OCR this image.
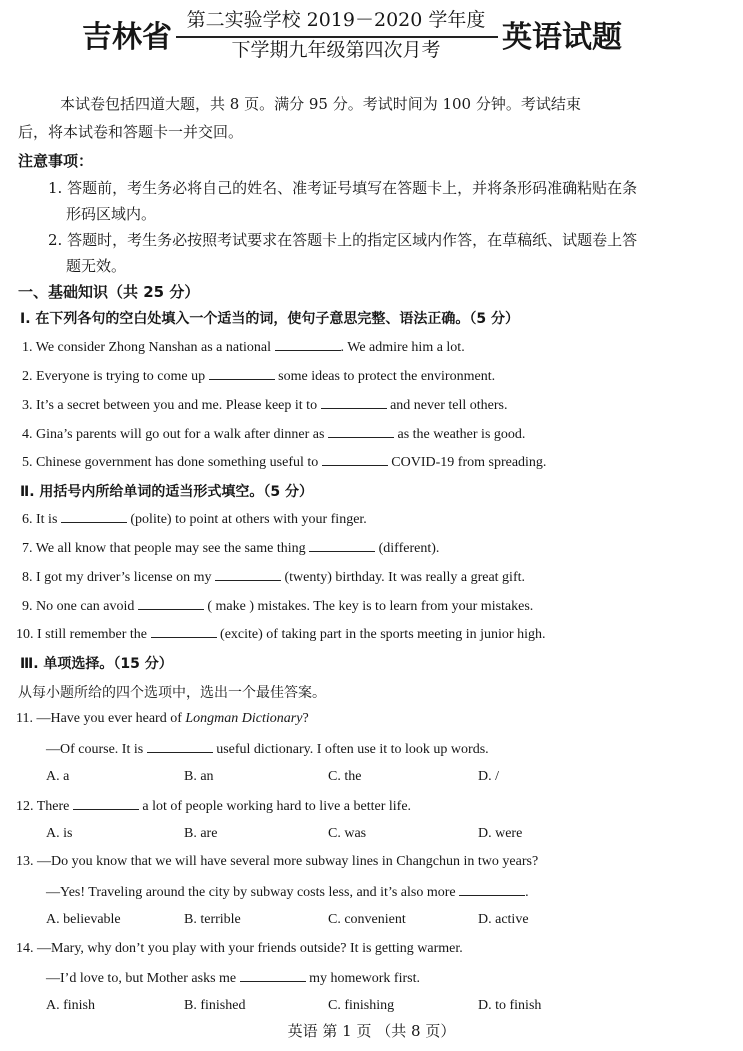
吉林省 第二实验学校 2019－2020 学年度
下学期九年级第四次月考	英语试题
本试卷包括四道大题，共 8 页。满分 95 分。考试时间为 100 分钟。考试结束
后，将本试卷和答题卡一并交回。
注意事项：
1. 答题前，考生务必将自己的姓名、准考证号填写在答题卡上，并将条形码准确粘贴在条
形码区域内。
2. 答题时，考生务必按照考试要求在答题卡上的指定区域内作答，在草稿纸、试题卷上答
题无效。
一、基础知识（共 25 分）
Ⅰ. 在下列各句的空白处填入一个适当的词，使句子意思完整、语法正确。（5 分）
1. We consider Zhong Nanshan as a national	. We admire him a lot.
2. Everyone is trying to come up	some ideas to protect the environment.
3. It’s a secret between you and me. Please keep it to	and never tell others.
4. Gina’s parents will go out for a walk after dinner as	as the weather is good.
5. Chinese government has done something useful to	COVID-19 from spreading.
Ⅱ. 用括号内所给单词的适当形式填空。（5 分）
6. It is	(polite) to point at others with your finger.
7. We all know that people may see the same thing	(different).
8. I got my driver’s license on my	(twenty) birthday. It was really a great gift.
9. No one can avoid	( make ) mistakes. The key is to learn from your mistakes.
10. I still remember the	(excite) of taking part in the sports meeting in junior high.
Ⅲ. 单项选择。（15 分）
从每小题所给的四个选项中，选出一个最佳答案。
11. —Have you ever heard of Longman Dictionary?
—Of course. It is	useful dictionary. I often use it to look up words.
A. a	B. an	C. the	D. /
12. There	a lot of people working hard to live a better life.
A. is	B. are	C. was	D. were
13. —Do you know that we will have several more subway lines in Changchun in two years?
—Yes! Traveling around the city by subway costs less, and it’s also more	.
A. believable	B. terrible	C. convenient	D. active
14. —Mary, why don’t you play with your friends outside? It is getting warmer.
—I’d love to, but Mother asks me	my homework first.
A. finish	B. finished	C. finishing	D. to finish
英语 第 1 页 （共 8 页）
